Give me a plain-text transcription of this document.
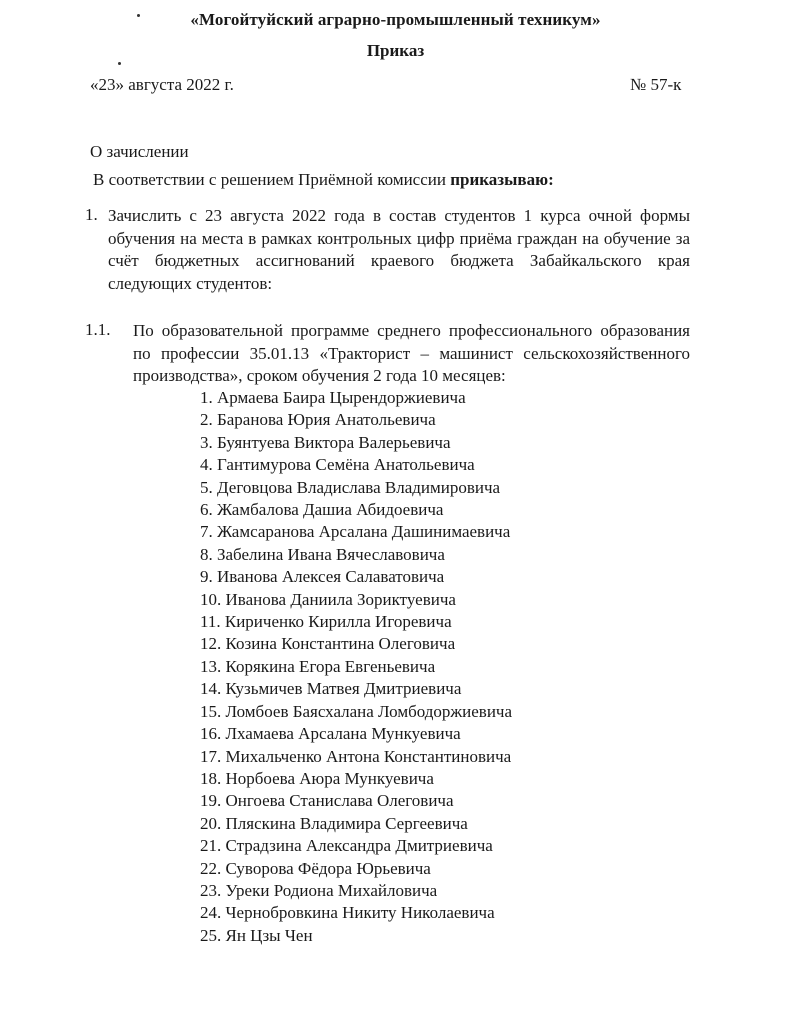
«Могойтуйский аграрно-промышленный техникум»
Приказ
«23» августа 2022 г.	№ 57-к
О зачислении
В соответствии с решением Приёмной комиссии приказываю:
1. Зачислить с 23 августа 2022 года в состав студентов 1 курса очной формы обучения на места в рамках контрольных цифр приёма граждан на обучение за счёт бюджетных ассигнований краевого бюджета Забайкальского края следующих студентов:
1.1. По образовательной программе среднего профессионального образования по профессии 35.01.13 «Тракторист – машинист сельскохозяйственного производства», сроком обучения 2 года 10 месяцев:
1. Армаева Баира Цырендоржиевича
2. Баранова Юрия Анатольевича
3. Буянтуева Виктора Валерьевича
4. Гантимурова Семёна Анатольевича
5. Деговцова Владислава Владимировича
6. Жамбалова Дашиа Абидоевича
7. Жамсаранова Арсалана Дашинимаевича
8. Забелина Ивана Вячеславовича
9. Иванова Алексея Салаватовича
10. Иванова Даниила Зориктуевича
11. Кириченко Кирилла Игоревича
12. Козина Константина Олеговича
13. Корякина Егора Евгеньевича
14. Кузьмичев Матвея Дмитриевича
15. Ломбоев Баясхалана Ломбодоржиевича
16. Лхамаева Арсалана Мункуевича
17. Михальченко Антона Константиновича
18. Норбоева Аюра Мункуевича
19. Онгоева Станислава Олеговича
20. Пляскина Владимира Сергеевича
21. Страдзина Александра Дмитриевича
22. Суворова Фёдора Юрьевича
23. Уреки Родиона Михайловича
24. Чернобровкина Никиту Николаевича
25. Ян Цзы Чен
